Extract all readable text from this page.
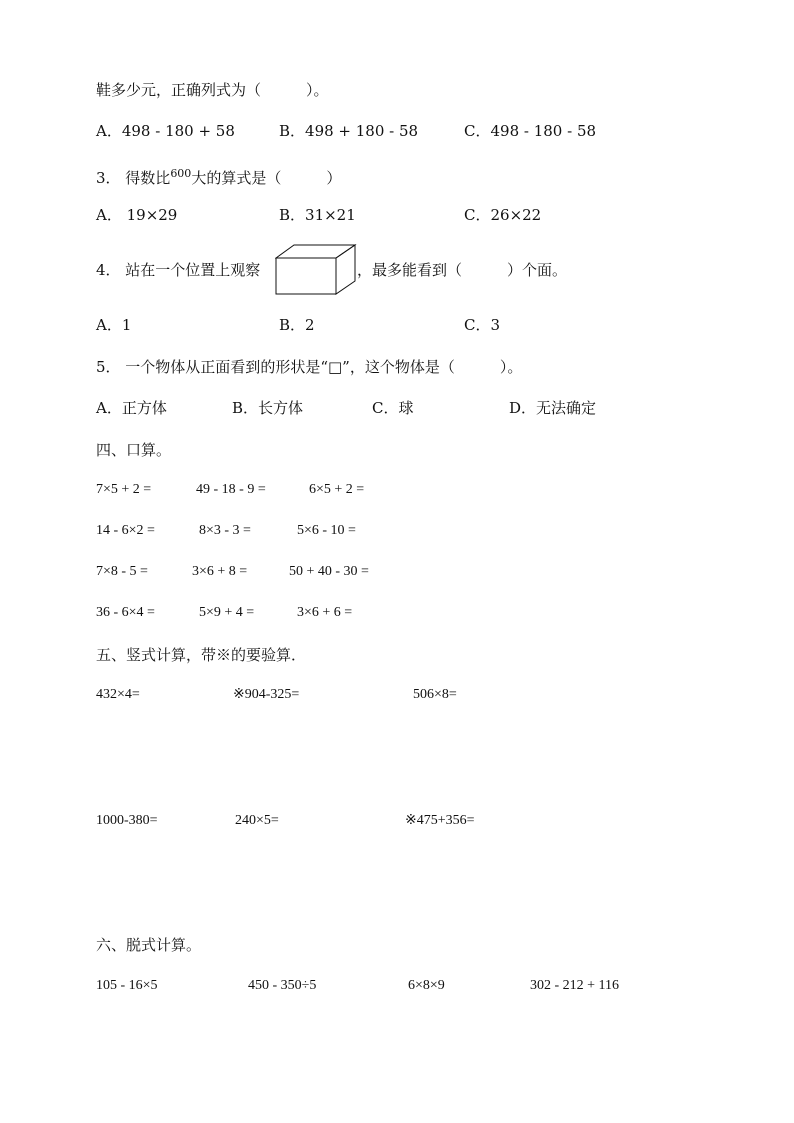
鞋多少元，正确列式为（　　　）。
A．498 - 180 + 58	B．498 + 180 - 58	C．498 - 180 - 58
3． 得数比$^{600}$大的算式是（　　　）
A． 19×29	B．31×21	C．26×22
4． 站在一个位置上观察	，最多能看到（　　　）个面。
A．1	B．2	C．3
5． 一个物体从正面看到的形状是“□”，这个物体是（　　　）。
A．正方体	B．长方体	C．球	D．无法确定
四、口算。
7×5 + 2 =	49 - 18 - 9 =	6×5 + 2 =
14 - 6×2 =	8×3 - 3 =	5×6 - 10 =
7×8 - 5 =	3×6 + 8 =	50 + 40 - 30 =
36 - 6×4 =	5×9 + 4 =	3×6 + 6 =
五、竖式计算，带※的要验算．
432×4=	※904-325=	506×8=
1000-380=	240×5=	※475+356=
六、脱式计算。
105 - 16×5	450 - 350÷5	6×8×9	302 - 212 + 116
